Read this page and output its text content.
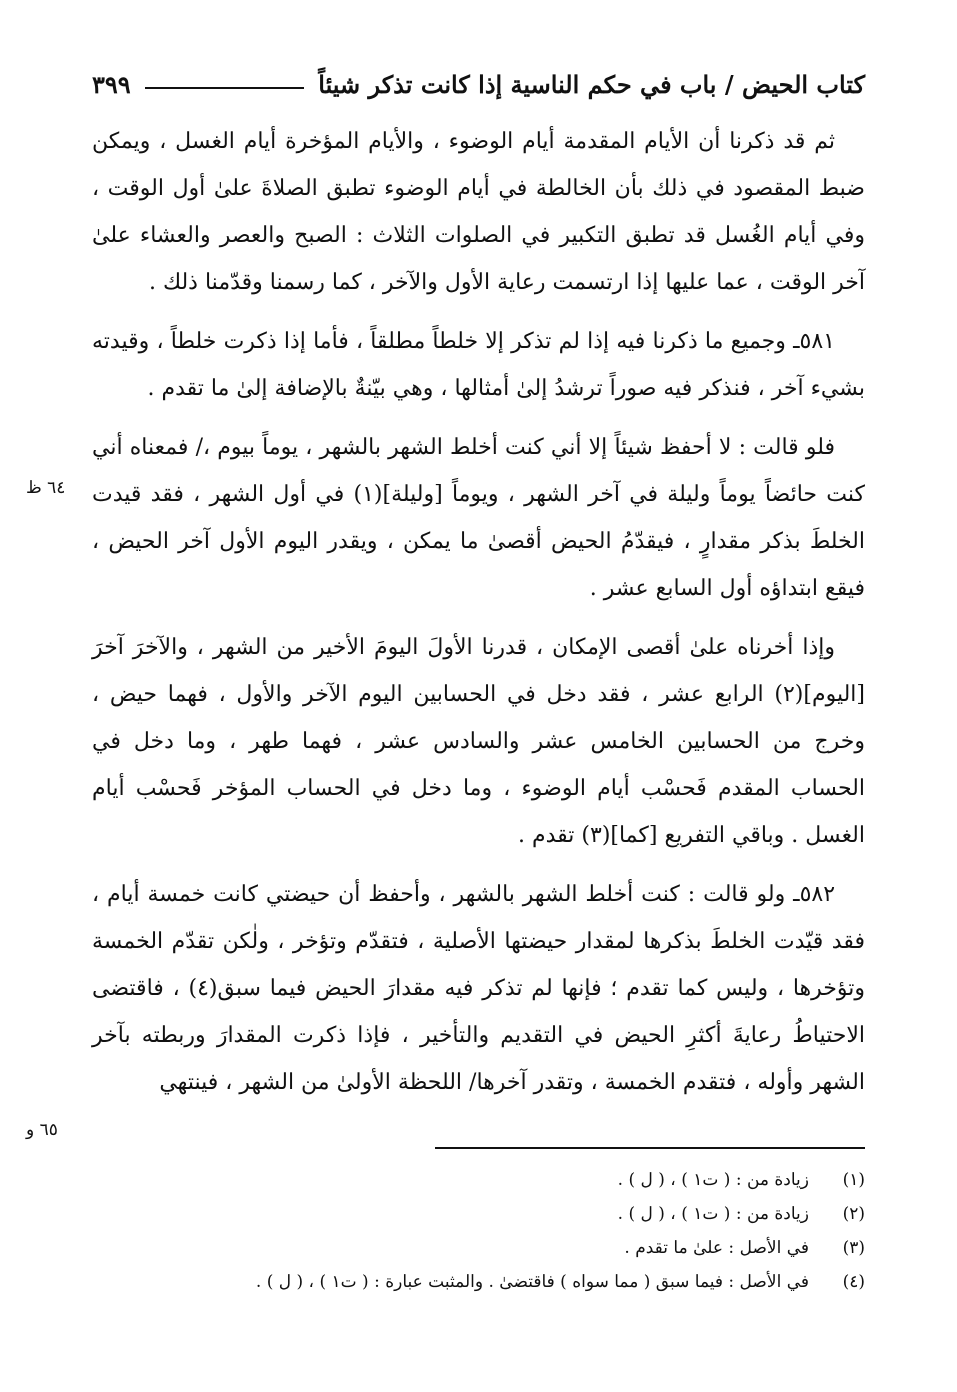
كتاب الحيض / باب في حكم الناسية إذا كانت تذكر شيئاً
٣٩٩

ثم قد ذكرنا أن الأيام المقدمة أيام الوضوء ، والأيام المؤخرة أيام الغسل ، ويمكن ضبط المقصود في ذلك بأن الخالطة في أيام الوضوء تطبق الصلاةَ علىٰ أول الوقت ، وفي أيام الغُسل قد تطبق التكبير في الصلوات الثلاث : الصبح والعصر والعشاء علىٰ آخر الوقت ، عما عليها إذا ارتسمت رعاية الأول والآخر ، كما رسمنا وقدّمنا ذلك .

٥٨١ـ وجميع ما ذكرنا فيه إذا لم تذكر إلا خلطاً مطلقاً ، فأما إذا ذكرت خلطاً ، وقيدته بشيء آخر ، فنذكر فيه صوراً ترشدُ إلىٰ أمثالها ، وهي بيّنةٌ بالإضافة إلىٰ ما تقدم .

فلو قالت : لا أحفظ شيئاً إلا أني كنت أخلط الشهر بالشهر ، يوماً بيوم ،/ فمعناه أني كنت حائضاً يوماً وليلة في آخر الشهر ، ويوماً [وليلة](١) في أول الشهر ، فقد قيدت الخلطَ بذكر مقدارٍ ، فيقدّمُ الحيض أقصىٰ ما يمكن ، ويقدر اليوم الأول آخر الحيض ، فيقع ابتداؤه أول السابع عشر .

وإذا أخرناه علىٰ أقصى الإمكان ، قدرنا الأولَ اليومَ الأخير من الشهر ، والآخرَ آخرَ [اليوم](٢) الرابع عشر ، فقد دخل في الحسابين اليوم الآخر والأول ، فهما حيض ، وخرج من الحسابين الخامس عشر والسادس عشر ، فهما طهر ، وما دخل في الحساب المقدم فَحسْب أيام الوضوء ، وما دخل في الحساب المؤخر فَحسْب أيام الغسل . وباقي التفريع [كما](٣) تقدم .

٥٨٢ـ ولو قالت : كنت أخلط الشهر بالشهر ، وأحفظ أن حيضتي كانت خمسة أيام ، فقد قيّدت الخلطَ بذكرها لمقدار حيضتها الأصلية ، فتقدّم وتؤخر ، ولٰكن تقدّم الخمسة وتؤخرها ، وليس كما تقدم ؛ فإنها لم تذكر فيه مقدارَ الحيض فيما سبق(٤) ، فاقتضى الاحتياطُ رعايةَ أكثرِ الحيض في التقديم والتأخير ، فإذا ذكرت المقدارَ وربطته بآخر الشهر وأوله ، فتقدم الخمسة ، وتقدر آخرها/ اللحظة الأولىٰ من الشهر ، فينتهي

٦٤ ظ
٦٥ و
(١)
زيادة من : ( ت١ ) ، ( ل ) .
(٢)
زيادة من : ( ت١ ) ، ( ل ) .
(٣)
في الأصل : علىٰ ما تقدم .
(٤)
في الأصل : فيما سبق ( مما سواه ) فاقتضىٰ . والمثبت عبارة : ( ت١ ) ، ( ل ) .
